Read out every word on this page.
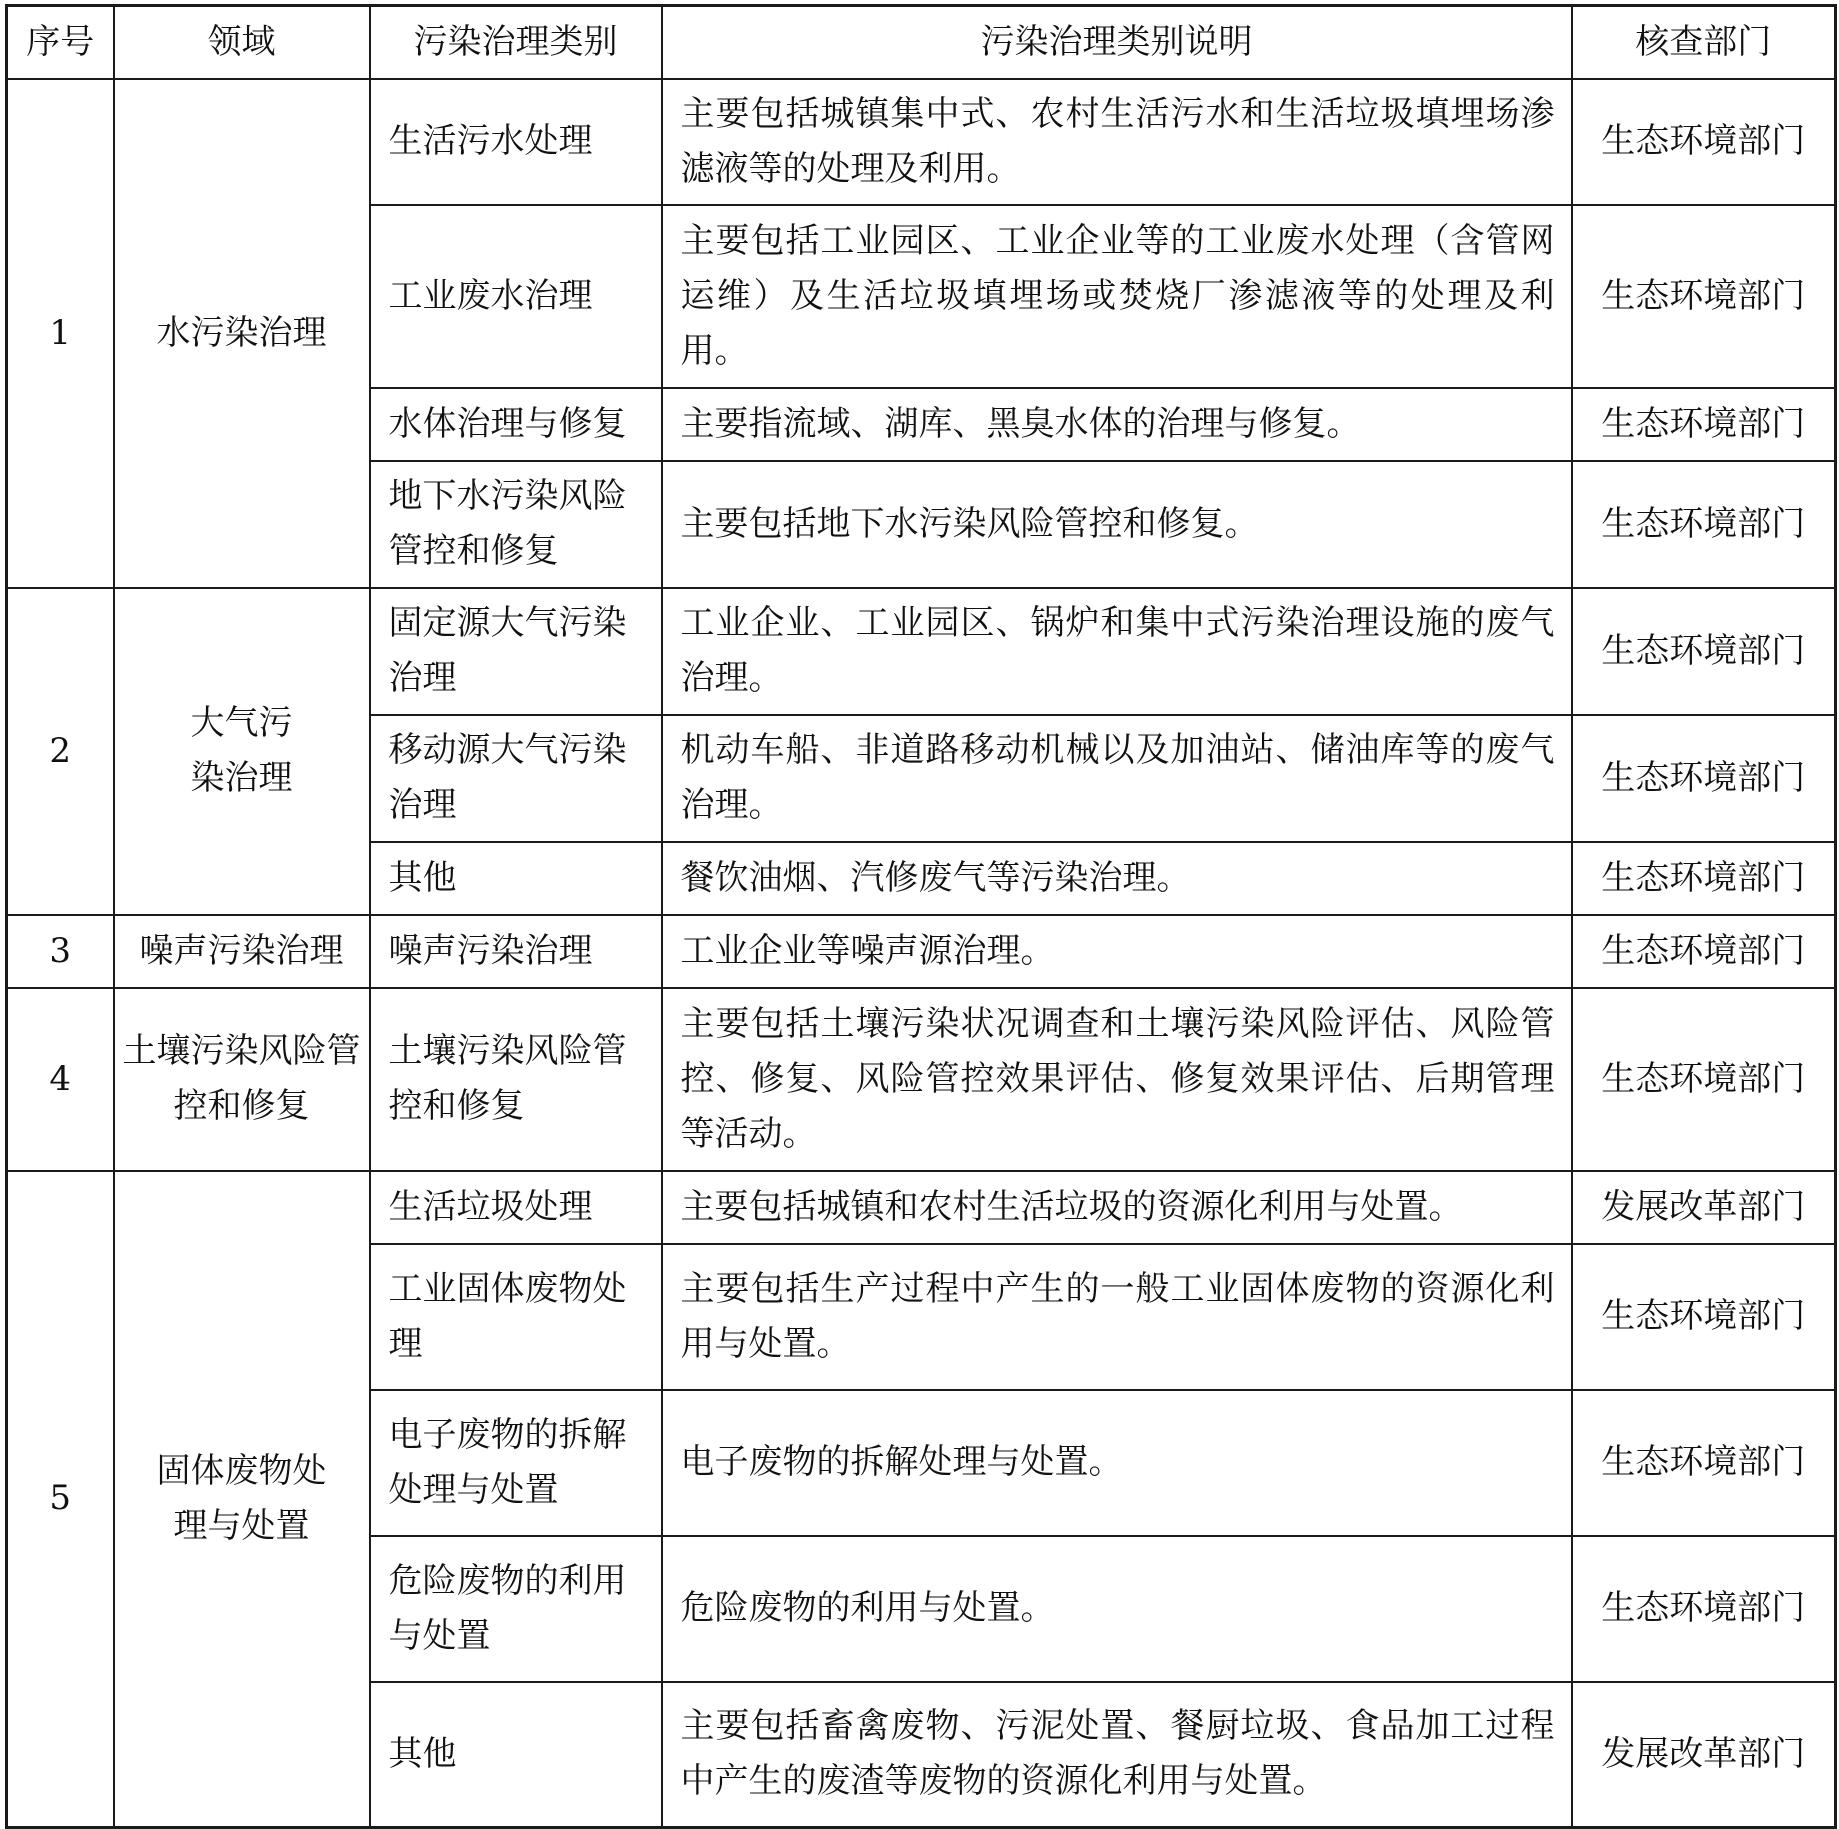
序号	领域	污染治理类别	污染治理类别说明	核查部门
1	水污染治理	生活污水处理	主要包括城镇集中式、农村生活污水和生活垃圾填埋场渗滤液等的处理及利用。	生态环境部门
		工业废水治理	主要包括工业园区、工业企业等的工业废水处理（含管网运维）及生活垃圾填埋场或焚烧厂渗滤液等的处理及利用。	生态环境部门
		水体治理与修复	主要指流域、湖库、黑臭水体的治理与修复。	生态环境部门
		地下水污染风险管控和修复	主要包括地下水污染风险管控和修复。	生态环境部门
2	大气污染治理	固定源大气污染治理	工业企业、工业园区、锅炉和集中式污染治理设施的废气治理。	生态环境部门
		移动源大气污染治理	机动车船、非道路移动机械以及加油站、储油库等的废气治理。	生态环境部门
		其他	餐饮油烟、汽修废气等污染治理。	生态环境部门
3	噪声污染治理	噪声污染治理	工业企业等噪声源治理。	生态环境部门
4	土壤污染风险管控和修复	土壤污染风险管控和修复	主要包括土壤污染状况调查和土壤污染风险评估、风险管控、修复、风险管控效果评估、修复效果评估、后期管理等活动。	生态环境部门
5	固体废物处理与处置	生活垃圾处理	主要包括城镇和农村生活垃圾的资源化利用与处置。	发展改革部门
		工业固体废物处理	主要包括生产过程中产生的一般工业固体废物的资源化利用与处置。	生态环境部门
		电子废物的拆解处理与处置	电子废物的拆解处理与处置。	生态环境部门
		危险废物的利用与处置	危险废物的利用与处置。	生态环境部门
		其他	主要包括畜禽废物、污泥处置、餐厨垃圾、食品加工过程中产生的废渣等废物的资源化利用与处置。	发展改革部门
